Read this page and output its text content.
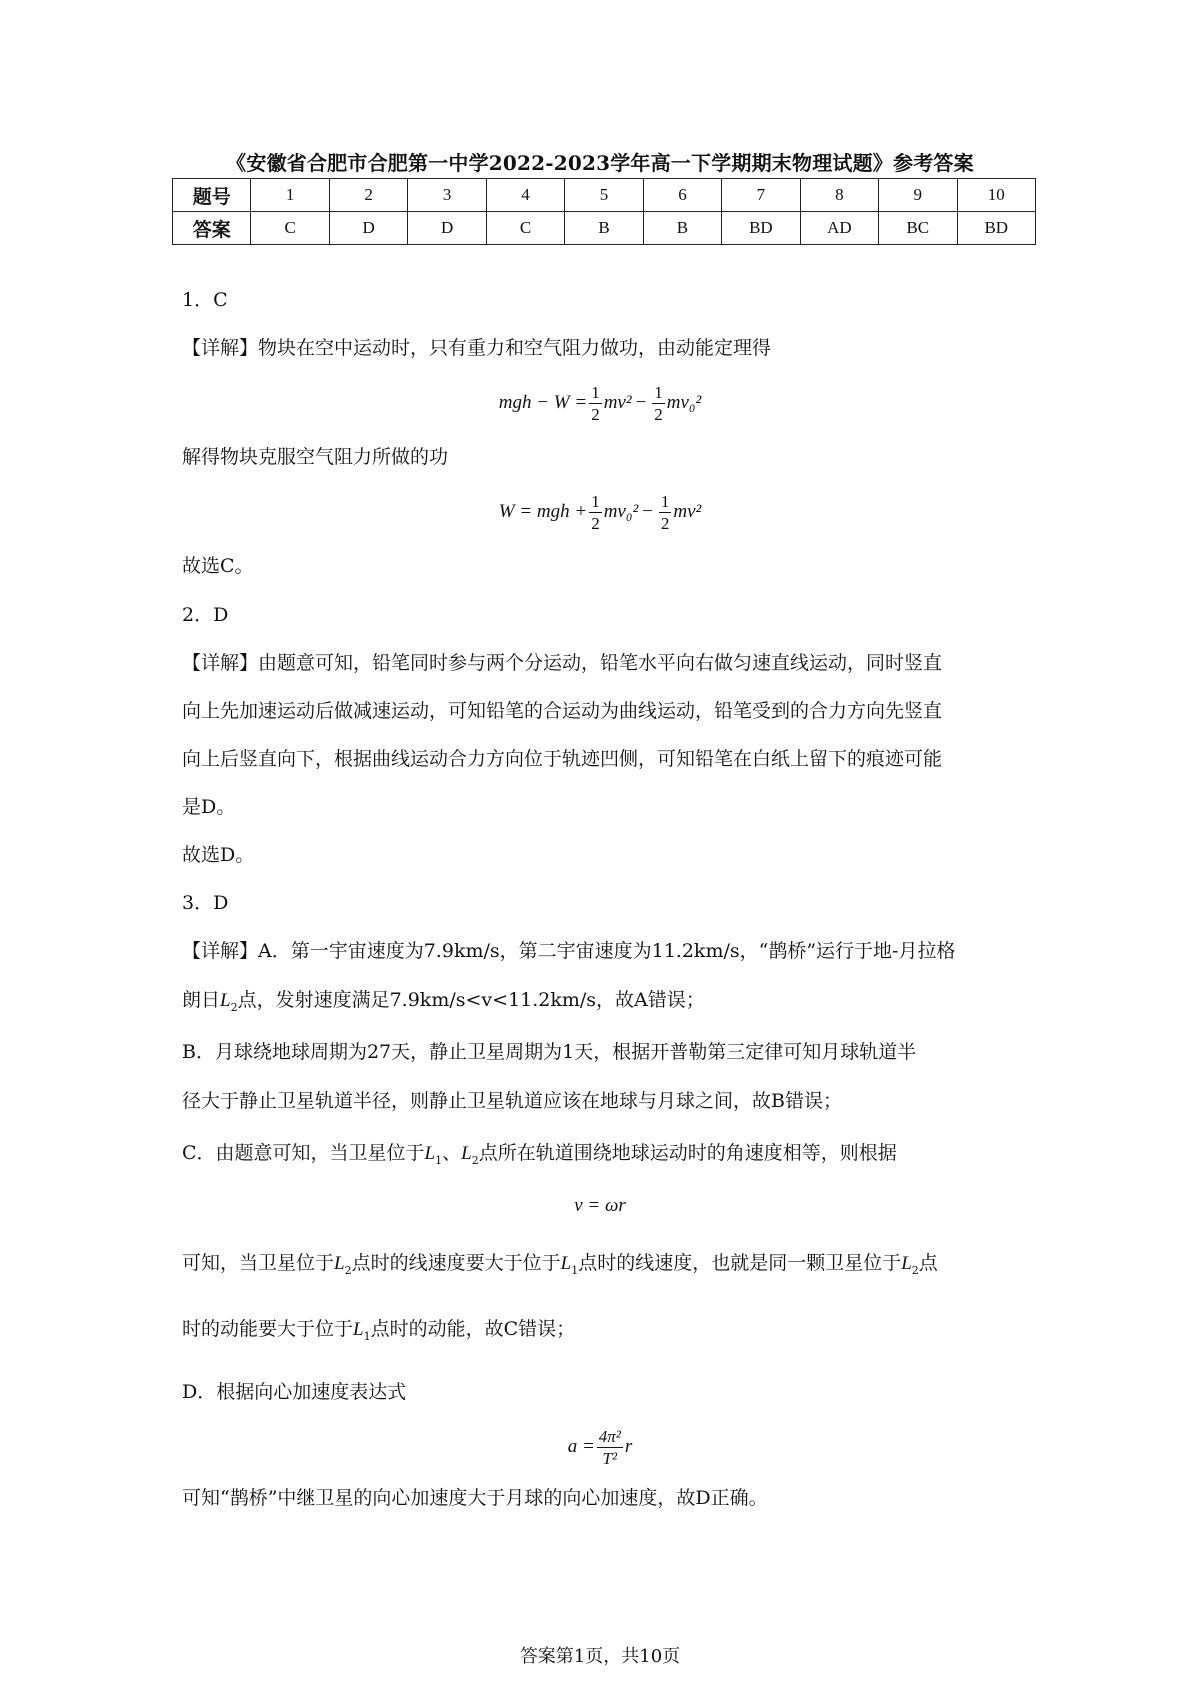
《安徽省合肥市合肥第一中学2022-2023学年高一下学期期末物理试题》参考答案
题号	1	2	3	4	5	6	7	8	9	10
答案	C	D	D	C	B	B	BD	AD	BC	BD
1．C
【详解】物块在空中运动时，只有重力和空气阻力做功，由动能定理得
mgh − $W = \frac{1}{2} mv^2 - \frac{1}{2} mv_0^2$
解得物块克服空气阻力所做的功
W = mgh + $\frac{1}{2} mv_0^2 - \frac{1}{2} mv^2$
故选C。
2．D
【详解】由题意可知，铅笔同时参与两个分运动，铅笔水平向右做匀速直线运动，同时竖直
向上先加速运动后做减速运动，可知铅笔的合运动为曲线运动，铅笔受到的合力方向先竖直
向上后竖直向下，根据曲线运动合力方向位于轨迹凹侧，可知铅笔在白纸上留下的痕迹可能
是D。
故选D。
3．D
【详解】A．第一宇宙速度为7.9km/s，第二宇宙速度为11.2km/s，“鹊桥”运行于地-月拉格
朗日$L_2$点，发射速度满足7.9km/s<v<11.2km/s，故A错误；
B．月球绕地球周期为27天，静止卫星周期为1天，根据开普勒第三定律可知月球轨道半
径大于静止卫星轨道半径，则静止卫星轨道应该在地球与月球之间，故B错误；
C．由题意可知，当卫星位于$L_1$、$L_2$点所在轨道围绕地球运动时的角速度相等，则根据
v = ωr
可知，当卫星位于$L_2$点时的线速度要大于位于$L_1$点时的线速度，也就是同一颗卫星位于$L_2$点
时的动能要大于位于$L_1$点时的动能，故C错误；
D．根据向心加速度表达式
$a = \frac{\text{4π²}}{\text{T²}}$ r
可知“鹊桥”中继卫星的向心加速度大于月球的向心加速度，故D正确。
答案第1页，共10页
